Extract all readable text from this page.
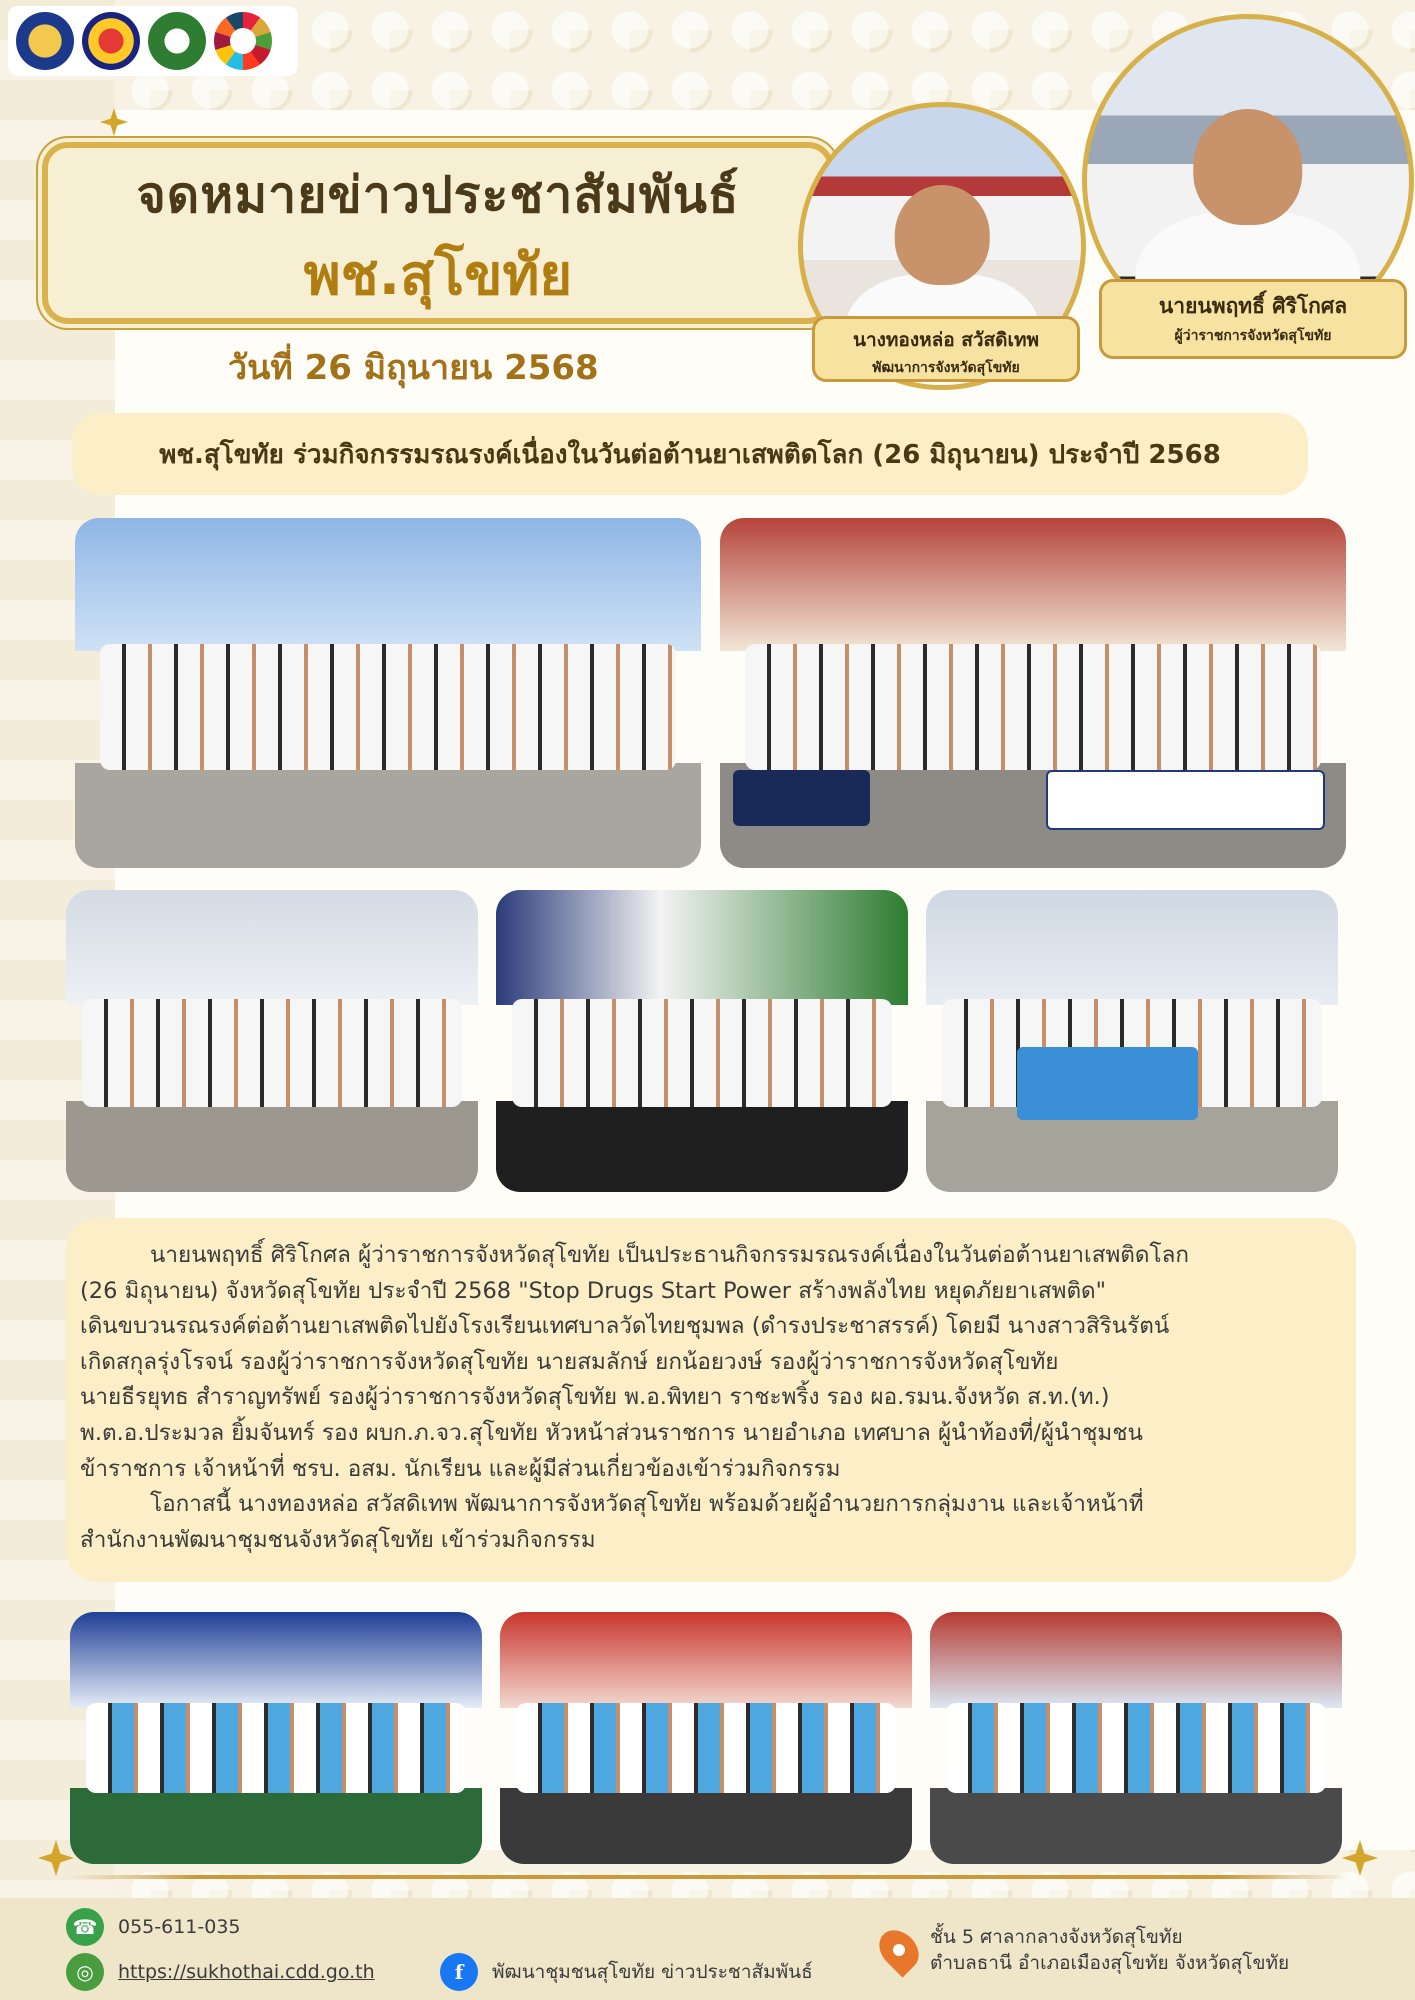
จดหมายข่าวประชาสัมพันธ์
พช.สุโขทัย
วันที่ 26 มิถุนายน 2568
นางทองหล่อ สวัสดิเทพ
พัฒนาการจังหวัดสุโขทัย
นายนพฤทธิ์ ศิริโกศล
ผู้ว่าราชการจังหวัดสุโขทัย
พช.สุโขทัย ร่วมกิจกรรมรณรงค์เนื่องในวันต่อต้านยาเสพติดโลก (26 มิถุนายน) ประจำปี 2568
นายนพฤทธิ์ ศิริโกศล ผู้ว่าราชการจังหวัดสุโขทัย เป็นประธานกิจกรรมรณรงค์เนื่องในวันต่อต้านยาเสพติดโลก
(26 มิถุนายน) จังหวัดสุโขทัย ประจำปี 2568 "Stop Drugs Start Power สร้างพลังไทย หยุดภัยยาเสพติด"
เดินขบวนรณรงค์ต่อต้านยาเสพติดไปยังโรงเรียนเทศบาลวัดไทยชุมพล (ดำรงประชาสรรค์) โดยมี นางสาวสิรินรัตน์
เกิดสกุลรุ่งโรจน์ รองผู้ว่าราชการจังหวัดสุโขทัย นายสมลักษ์ ยกน้อยวงษ์ รองผู้ว่าราชการจังหวัดสุโขทัย
นายธีรยุทธ สำราญทรัพย์ รองผู้ว่าราชการจังหวัดสุโขทัย พ.อ.พิทยา ราชะพริ้ง รอง ผอ.รมน.จังหวัด ส.ท.(ท.)
พ.ต.อ.ประมวล ยิ้มจันทร์ รอง ผบก.ภ.จว.สุโขทัย หัวหน้าส่วนราชการ นายอำเภอ เทศบาล ผู้นำท้องที่/ผู้นำชุมชน
ข้าราชการ เจ้าหน้าที่ ชรบ. อสม. นักเรียน และผู้มีส่วนเกี่ยวข้องเข้าร่วมกิจกรรม
โอกาสนี้ นางทองหล่อ สวัสดิเทพ พัฒนาการจังหวัดสุโขทัย พร้อมด้วยผู้อำนวยการกลุ่มงาน และเจ้าหน้าที่
สำนักงานพัฒนาชุมชนจังหวัดสุโขทัย เข้าร่วมกิจกรรม
☎	055-611-035
◎	https://sukhothai.cdd.go.th	f	พัฒนาชุมชนสุโขทัย ข่าวประชาสัมพันธ์
ชั้น 5 ศาลากลางจังหวัดสุโขทัย
ตำบลธานี อำเภอเมืองสุโขทัย จังหวัดสุโขทัย
